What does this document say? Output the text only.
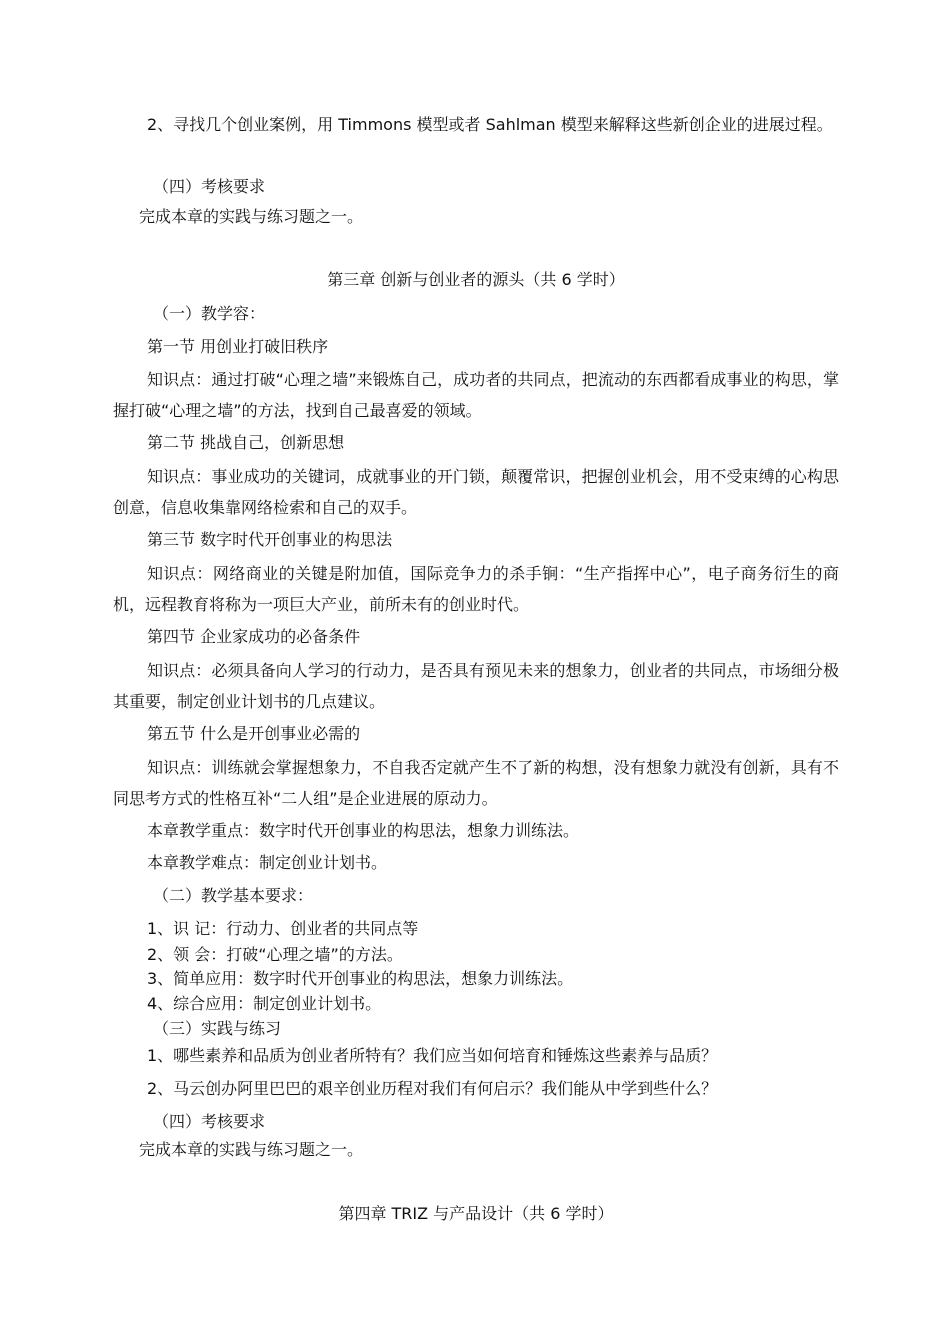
2、寻找几个创业案例，用 Timmons 模型或者 Sahlman 模型来解释这些新创企业的进展过程。
（四）考核要求
完成本章的实践与练习题之一。
第三章 创新与创业者的源头（共 6 学时）
（一）教学容：
第一节 用创业打破旧秩序
知识点：通过打破“心理之墙”来锻炼自己，成功者的共同点，把流动的东西都看成事业的构思，掌握打破“心理之墙”的方法，找到自己最喜爱的领域。
第二节 挑战自己，创新思想
知识点：事业成功的关键词，成就事业的开门锁，颠覆常识，把握创业机会，用不受束缚的心构思创意，信息收集靠网络检索和自己的双手。
第三节 数字时代开创事业的构思法
知识点：网络商业的关键是附加值，国际竞争力的杀手锏：“生产指挥中心”，电子商务衍生的商机，远程教育将称为一项巨大产业，前所未有的创业时代。
第四节 企业家成功的必备条件
知识点：必须具备向人学习的行动力，是否具有预见未来的想象力，创业者的共同点，市场细分极其重要，制定创业计划书的几点建议。
第五节 什么是开创事业必需的
知识点：训练就会掌握想象力，不自我否定就产生不了新的构想，没有想象力就没有创新，具有不同思考方式的性格互补“二人组”是企业进展的原动力。
本章教学重点：数字时代开创事业的构思法，想象力训练法。
本章教学难点：制定创业计划书。
（二）教学基本要求：
1、识 记：行动力、创业者的共同点等
2、领 会：打破“心理之墙”的方法。
3、简单应用：数字时代开创事业的构思法，想象力训练法。
4、综合应用：制定创业计划书。
（三）实践与练习
1、哪些素养和品质为创业者所特有？我们应当如何培育和锤炼这些素养与品质？
2、马云创办阿里巴巴的艰辛创业历程对我们有何启示？我们能从中学到些什么？
（四）考核要求
完成本章的实践与练习题之一。
第四章 TRIZ 与产品设计（共 6 学时）
